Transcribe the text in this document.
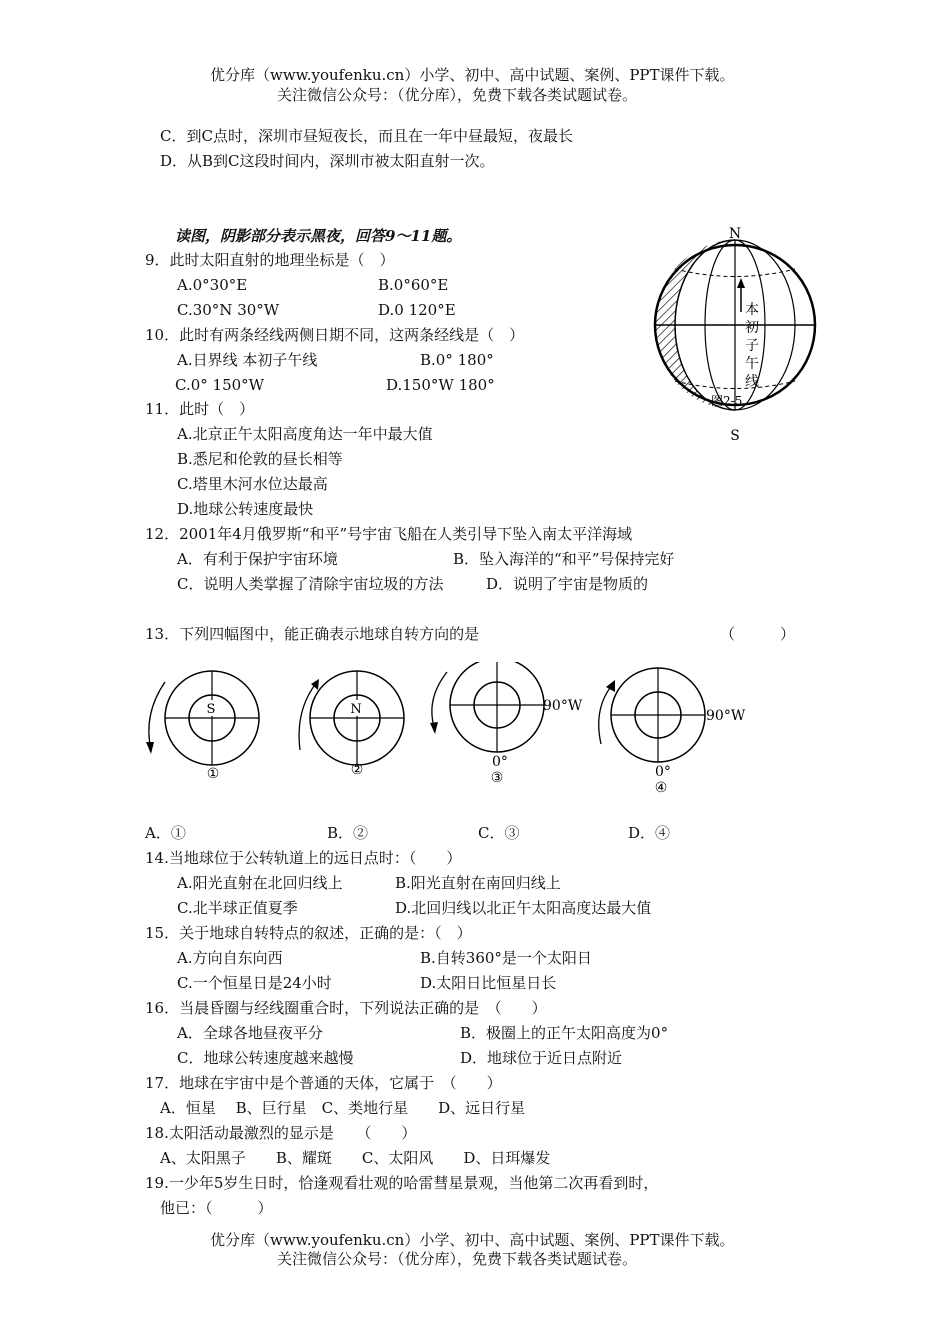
优分库（www.youfenku.cn）小学、初中、高中试题、案例、PPT课件下载。
关注微信公众号：（优分库），免费下载各类试题试卷。
C．到C点时，深圳市昼短夜长，而且在一年中昼最短，夜最长
D．从B到C这段时间内，深圳市被太阳直射一次。
读图，阴影部分表示黑夜，回答9～11题。
9．此时太阳直射的地理坐标是（　）
A.0°30°E	B.0°60°E
C.30°N 30°W	D.0 120°E
10．此时有两条经线两侧日期不同，这两条经线是（　）
A.日界线 本初子午线	B.0° 180°
C.0° 150°W	D.150°W 180°
11．此时（　）
A.北京正午太阳高度角达一年中最大值
B.悉尼和伦敦的昼长相等
C.塔里木河水位达最高
D.地球公转速度最快
N
S
本
初
子
午
线
图2-5
12．2001年4月俄罗斯“和平”号宇宙飞船在人类引导下坠入南太平洋海域
A．有利于保护宇宙环境	B．坠入海洋的“和平”号保持完好
C．说明人类掌握了清除宇宙垃圾的方法	D．说明了宇宙是物质的
13．下列四幅图中，能正确表示地球自转方向的是	（　　　）
S
①
N
②
90°W
0°
③
90°W
0°
④
A．①	B．②	C．③	D．④
14.当地球位于公转轨道上的远日点时：（　　）
A.阳光直射在北回归线上	B.阳光直射在南回归线上
C.北半球正值夏季	D.北回归线以北正午太阳高度达最大值
15．关于地球自转特点的叙述，正确的是：（　）
A.方向自东向西	B.自转360°是一个太阳日
C.一个恒星日是24小时	D.太阳日比恒星日长
16．当晨昏圈与经线圈重合时，下列说法正确的是　（　　）
A．全球各地昼夜平分	B．极圈上的正午太阳高度为0°
C．地球公转速度越来越慢	D．地球位于近日点附近
17．地球在宇宙中是个普通的天体，它属于　（　　）
A．恒星　 B、巨行星　C、类地行星　　D、远日行星
18.太阳活动最激烈的显示是　　（　　）
A、太阳黑子　　B、耀斑　　C、太阳风　　D、日珥爆发
19.一少年5岁生日时，恰逢观看壮观的哈雷彗星景观，当他第二次再看到时，
他已：（　　　）
优分库（www.youfenku.cn）小学、初中、高中试题、案例、PPT课件下载。
关注微信公众号：（优分库），免费下载各类试题试卷。
